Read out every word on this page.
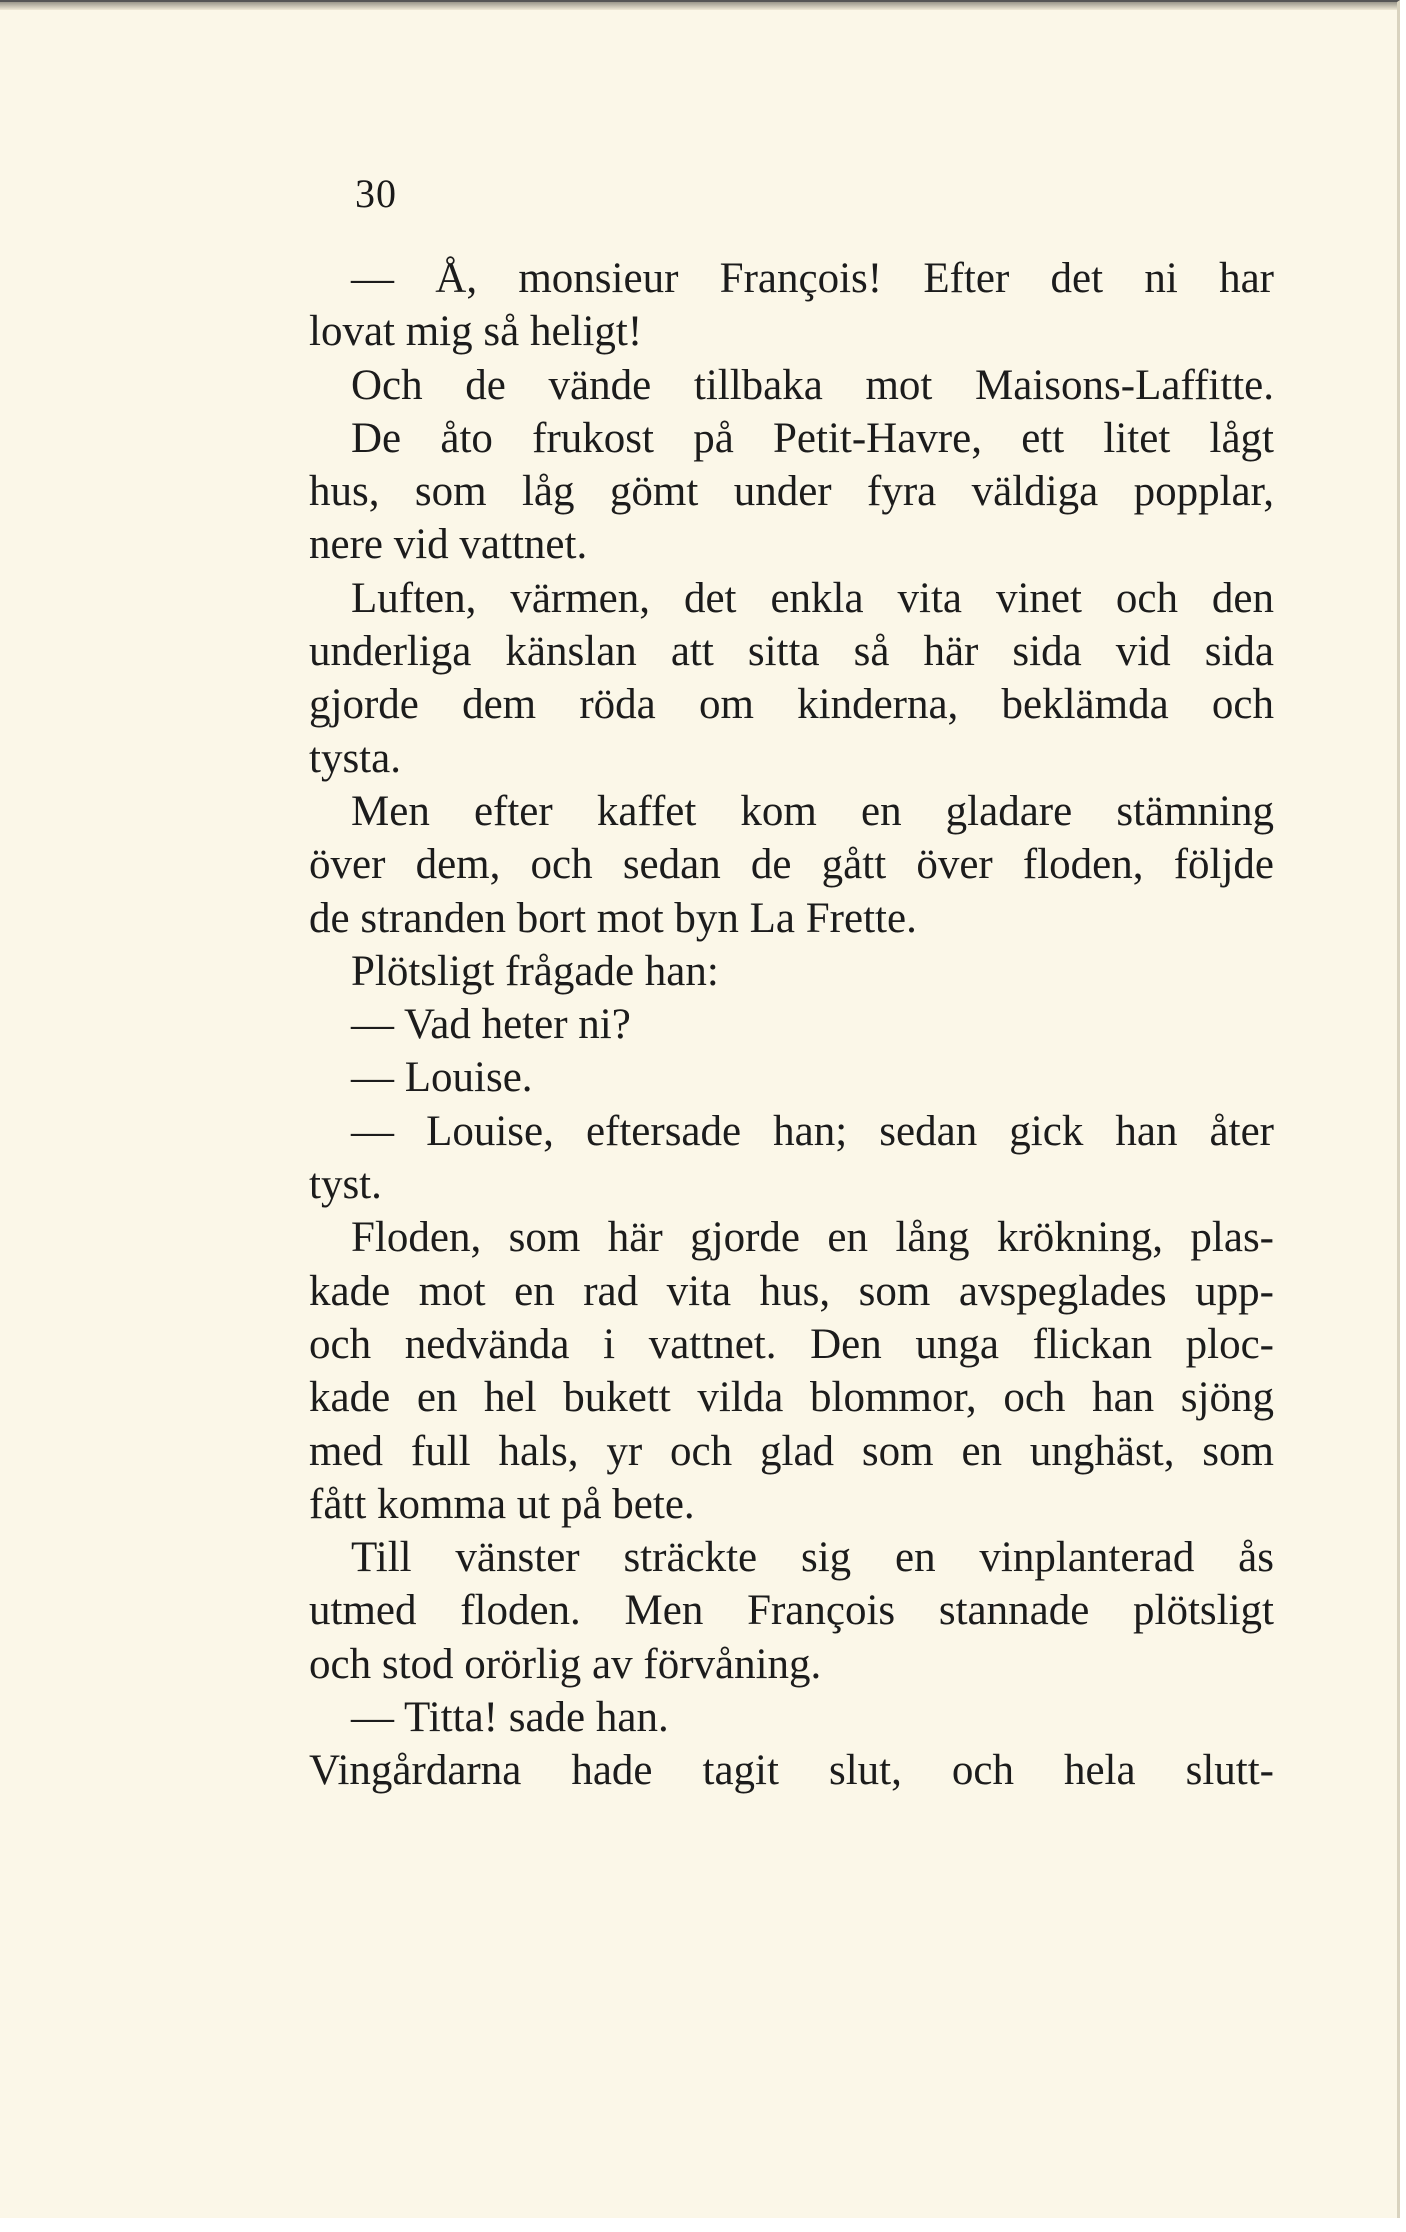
30
— Å, monsieur François! Efter det ni har
lovat mig så heligt!
Och de vände tillbaka mot Maisons-Laffitte.
De åto frukost på Petit-Havre, ett litet lågt
hus, som låg gömt under fyra väldiga popplar,
nere vid vattnet.
Luften, värmen, det enkla vita vinet och den
underliga känslan att sitta så här sida vid sida
gjorde dem röda om kinderna, beklämda och
tysta.
Men efter kaffet kom en gladare stämning
över dem, och sedan de gått över floden, följde
de stranden bort mot byn La Frette.
Plötsligt frågade han:
— Vad heter ni?
— Louise.
— Louise, eftersade han; sedan gick han åter
tyst.
Floden, som här gjorde en lång krökning, plas-
kade mot en rad vita hus, som avspeglades upp-
och nedvända i vattnet. Den unga flickan ploc-
kade en hel bukett vilda blommor, och han sjöng
med full hals, yr och glad som en unghäst, som
fått komma ut på bete.
Till vänster sträckte sig en vinplanterad ås
utmed floden. Men François stannade plötsligt
och stod orörlig av förvåning.
— Titta! sade han.
Vingårdarna hade tagit slut, och hela slutt-
